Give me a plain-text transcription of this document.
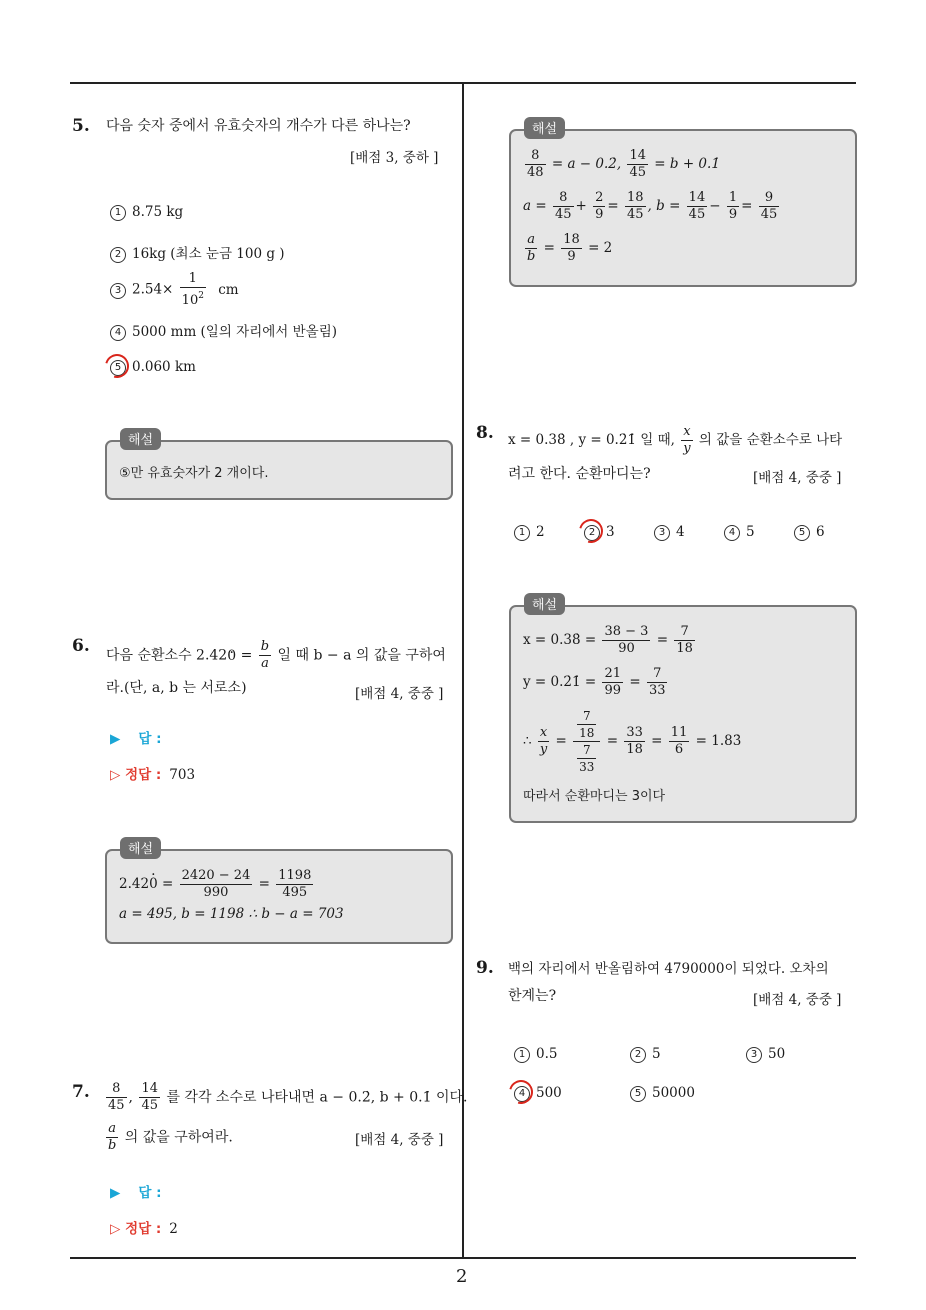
2
5. 다음 숫자 중에서 유효숫자의 개수가 다른 하나는?
[배점 3, 중하 ]
1 8.75 kg
2 16kg (최소 눈금 100 g )
3 $2.54\times \frac{1}{10^2}$ cm
4 5000 mm (일의 자리에서 반올림)
5 0.060 km
⑤만 유효숫자가 2 개이다.
해설
6. 다음 순환소수 2.420 · = $\frac{b}{a}$ 일 때 b − a 의 값을 구하여
라.(단, a, b 는 서로소)	[배점 4, 중중 ]
▶ 답 :
▷ 정답 : 703
2.420 · = $\frac{2420 - 24}{990} = \frac{1198}{495}$
a = 495, b = 1198 ∴ b − a = 703
해설
7. $\frac{8}{45}$ , $\frac{14}{45}$ 를 각각 소수로 나타내면 a − 0.2̇, b + 0.1̇ 이다.
$\frac{a}{b}$ 의 값을 구하여라.	[배점 4, 중중 ]
▶ 답 :
▷ 정답 : 2
$\frac{8}{48} = a$ − 0.2̇, $\frac{14}{45} = b$ + 0.1̇
$a = \frac{8}{45} + \frac{2}{9} = \frac{18}{45}$ , $b = \frac{14}{45} - \frac{1}{9} = \frac{9}{45}$
$\frac{a}{b} = \frac{18}{9} = 2$
해설
8. x = 0.38̇ , y = 0.2̇1̇ 일 때, $\frac{x}{y}$ 의 값을 순환소수로 나타
려고 한다. 순환마디는?	[배점 4, 중중 ]
1 2	2 3	3 4	4 5	5 6
x = 0.38̇ = $\frac{38 - 3}{90} = \frac{7}{18}$
y = 0.2̇1̇ = $\frac{21}{99} = \frac{7}{33}$
∴ $\frac{x}{y} = \frac{\frac{7}{18}}{\frac{7}{33}} = \frac{33}{18} = \frac{11}{6}$ = 1.83̇
따라서 순환마디는 3이다
해설
9. 백의 자리에서 반올림하여 4790000이 되었다. 오차의
한계는?	[배점 4, 중중 ]
1 0.5	2 5	3 50
4 500	5 50000
